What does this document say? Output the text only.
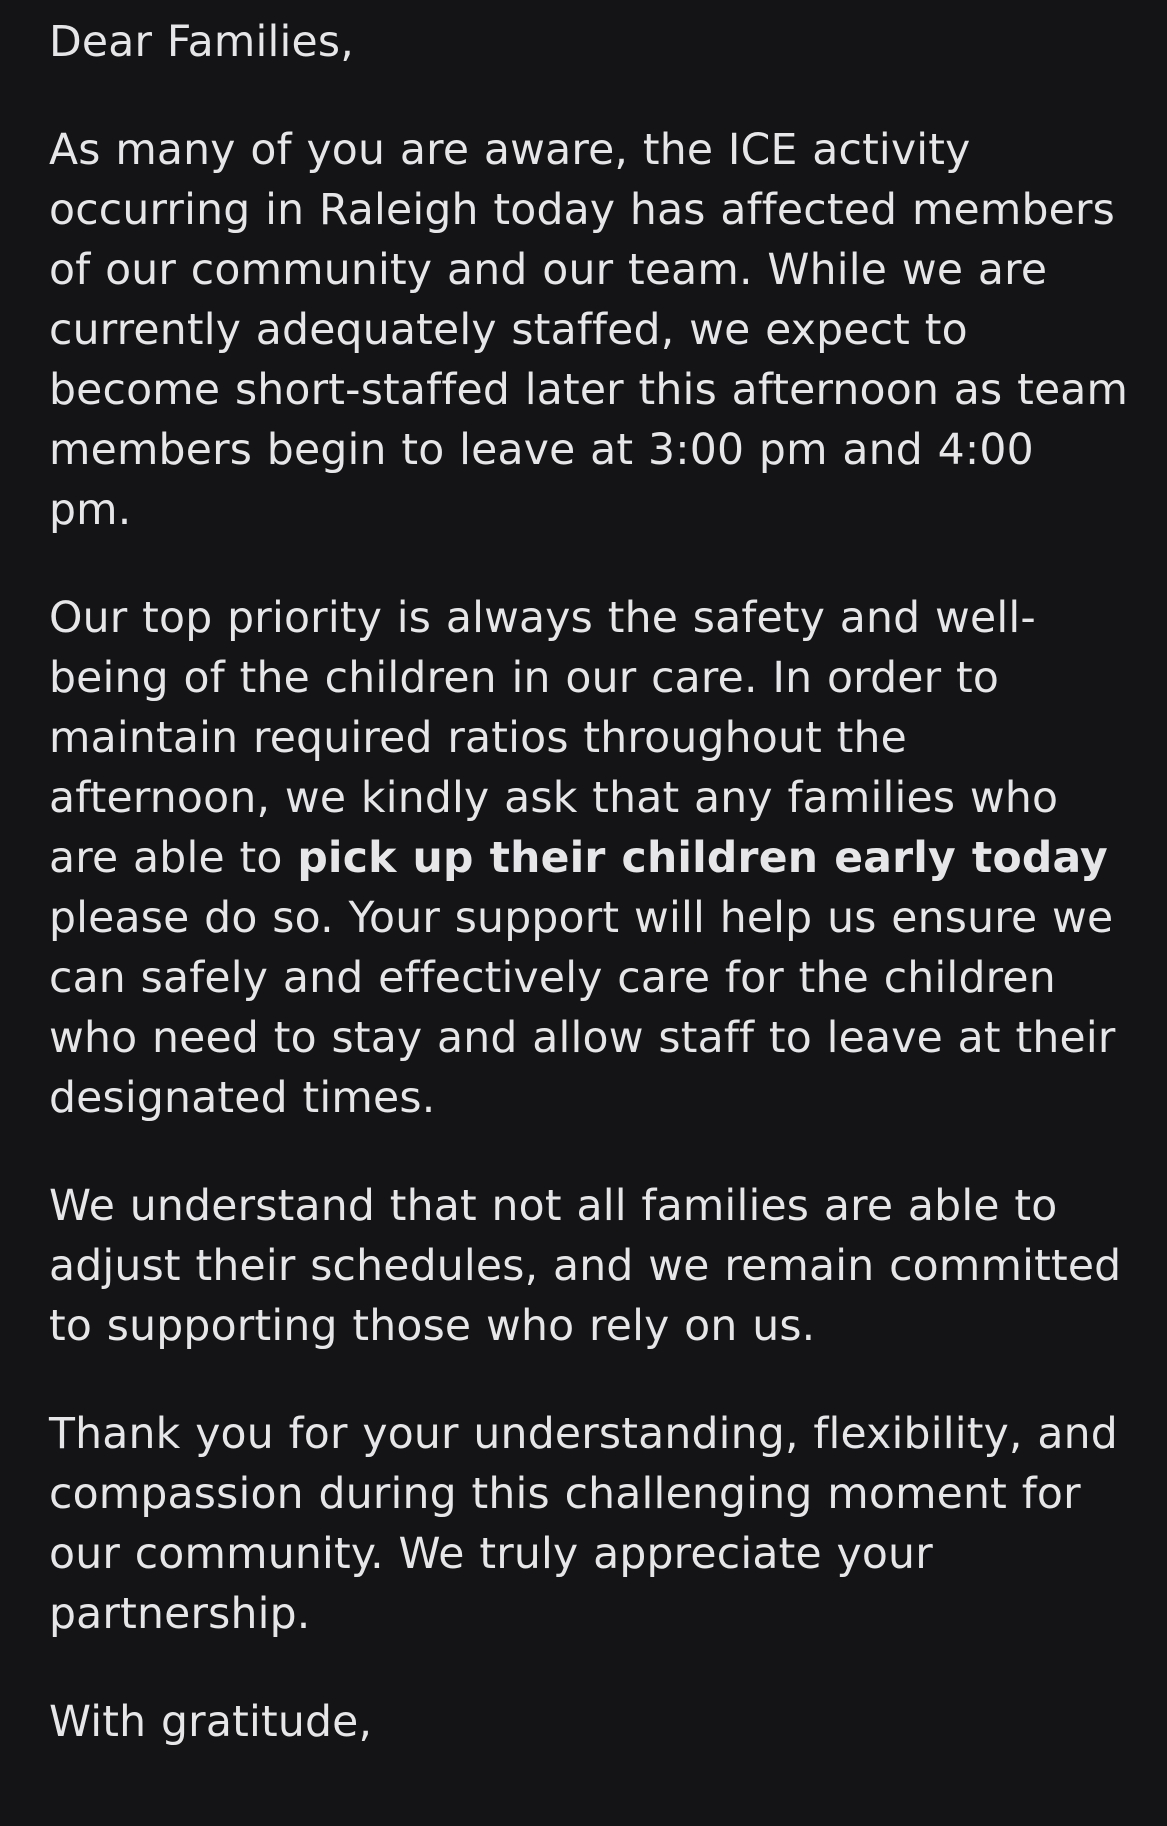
Dear Families,

As many of you are aware, the ICE activity occurring in Raleigh today has affected members of our community and our team. While we are currently adequately staffed, we expect to become short-staffed later this afternoon as team members begin to leave at 3:00 pm and 4:00 pm.

Our top priority is always the safety and well-being of the children in our care. In order to maintain required ratios throughout the afternoon, we kindly ask that any families who are able to pick up their children early today please do so. Your support will help us ensure we can safely and effectively care for the children who need to stay and allow staff to leave at their designated times.

We understand that not all families are able to adjust their schedules, and we remain committed to supporting those who rely on us.

Thank you for your understanding, flexibility, and compassion during this challenging moment for our community. We truly appreciate your partnership.

With gratitude,
